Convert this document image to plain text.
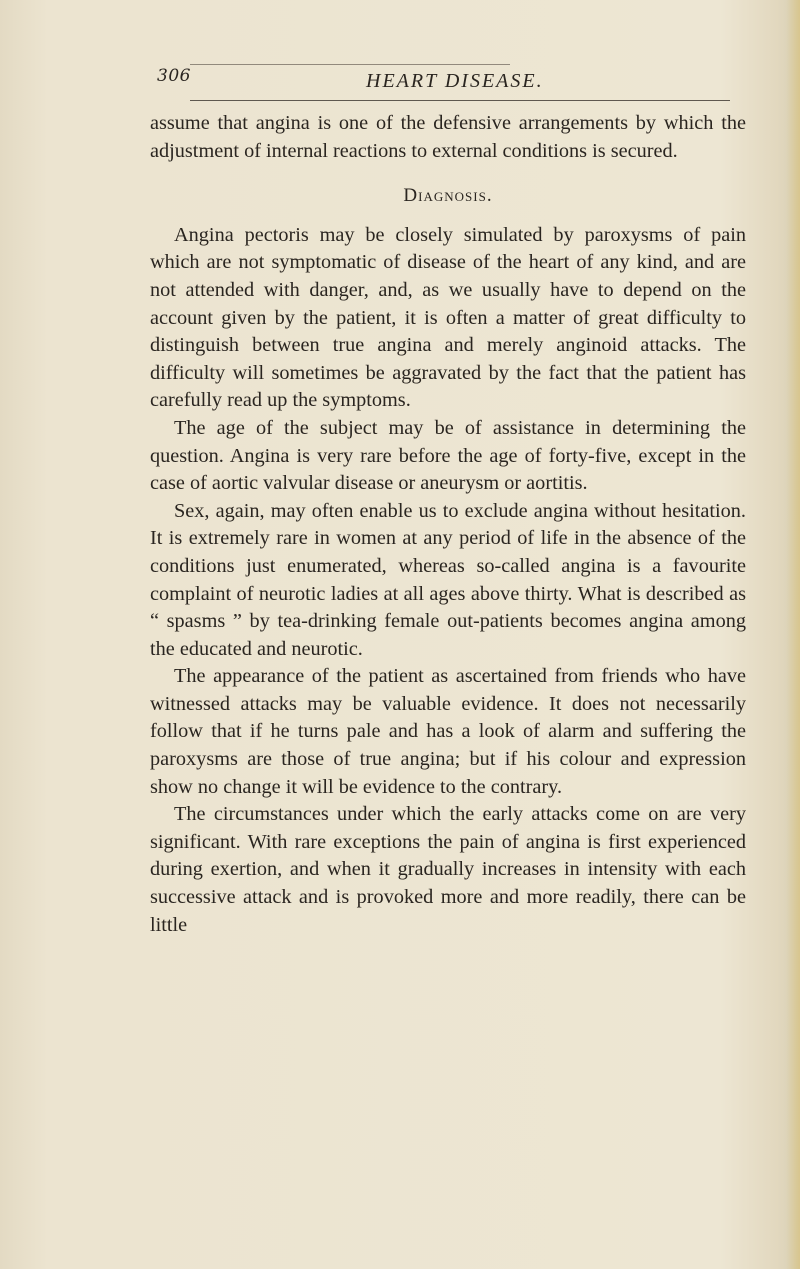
306	HEART DISEASE.

assume that angina is one of the defensive arrangements by which the adjustment of internal reactions to external conditions is secured.

Diagnosis.

Angina pectoris may be closely simulated by paroxysms of pain which are not symptomatic of disease of the heart of any kind, and are not attended with danger, and, as we usually have to depend on the account given by the patient, it is often a matter of great difficulty to distinguish between true angina and merely anginoid attacks. The difficulty will sometimes be aggravated by the fact that the patient has carefully read up the symptoms.

The age of the subject may be of assistance in determining the question. Angina is very rare before the age of forty-five, except in the case of aortic valvular disease or aneurysm or aortitis.

Sex, again, may often enable us to exclude angina without hesitation. It is extremely rare in women at any period of life in the absence of the conditions just enumerated, whereas so-called angina is a favourite complaint of neurotic ladies at all ages above thirty. What is described as “ spasms ” by tea-drinking female out-patients becomes angina among the educated and neurotic.

The appearance of the patient as ascertained from friends who have witnessed attacks may be valuable evidence. It does not necessarily follow that if he turns pale and has a look of alarm and suffering the paroxysms are those of true angina; but if his colour and expression show no change it will be evidence to the contrary.

The circumstances under which the early attacks come on are very significant. With rare exceptions the pain of angina is first experienced during exertion, and when it gradually increases in intensity with each successive attack and is provoked more and more readily, there can be little
